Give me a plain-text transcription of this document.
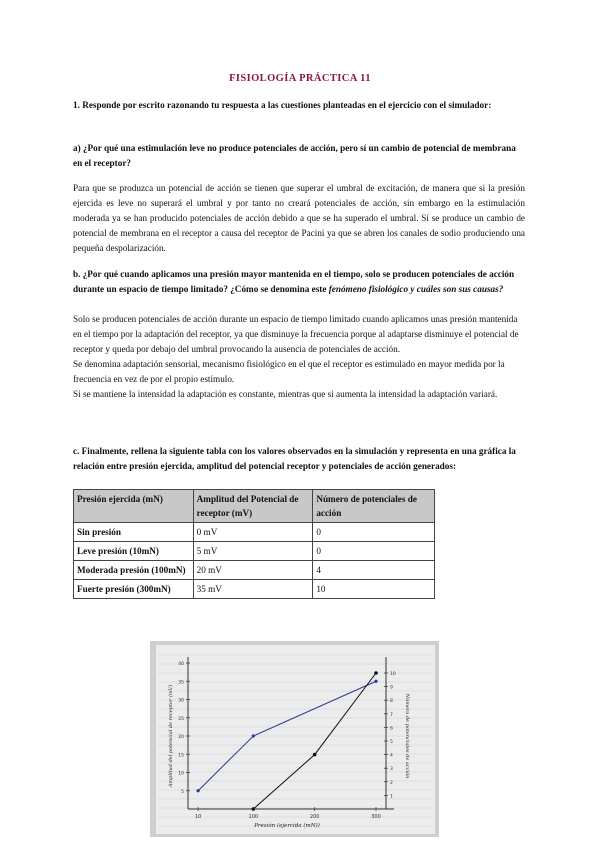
FISIOLOGÍA PRÁCTICA 11
1. Responde por escrito razonando tu respuesta a las cuestiones planteadas en el ejercicio con el simulador:
a) ¿Por qué una estimulación leve no produce potenciales de acción, pero sí un cambio de potencial de membrana en el receptor?
Para que se produzca un potencial de acción se tienen que superar el umbral de excitación, de manera que si la presión ejercida es leve no superará el umbral y por tanto no creará potenciales de acción, sin embargo en la estimulación moderada ya se han producido potenciales de acción debido a que se ha superado el umbral. Sí se produce un cambio de potencial de membrana en el receptor a causa del receptor de Pacini ya que se abren los canales de sodio produciendo una pequeña despolarización.
b. ¿Por qué cuando aplicamos una presión mayor mantenida en el tiempo, solo se producen potenciales de acción durante un espacio de tiempo limitado? ¿Cómo se denomina este fenómeno fisiológico y cuáles son sus causas?

Solo se producen potenciales de acción durante un espacio de tiempo limitado cuando aplicamos unas presión mantenida en el tiempo por la adaptación del receptor, ya que disminuye la frecuencia porque al adaptarse disminuye el potencial de receptor y queda por debajo del umbral provocando la ausencia de potenciales de acción.

Se denomina adaptación sensorial, mecanismo fisiológico en el que el receptor es estimulado en mayor medida por la frecuencia en vez de por el propio estímulo.

Si se mantiene la intensidad la adaptación es constante, mientras que si aumenta la intensidad la adaptación variará.

c. Finalmente, rellena la siguiente tabla con los valores observados en la simulación y representa en una gráfica la relación entre presión ejercida, amplitud del potencial receptor y potenciales de acción generados:
Presión ejercida (mN)	Amplitud del Potencial de receptor (mV)	Número de potenciales de acción
Sin presión	0 mV	0
Leve presión (10mN)	5 mV	0
Moderada presión (100mN)	20 mV	4
Fuerte presión (300mN)	35 mV	10
10	100	200	300
5
10
15
20
25
30
35
40
1
2
3
4
5
6
7
8
9
10
Presión (ejercida (mN))
Amplitud del potencial de receptor (mV)	Número de potenciales de acción
